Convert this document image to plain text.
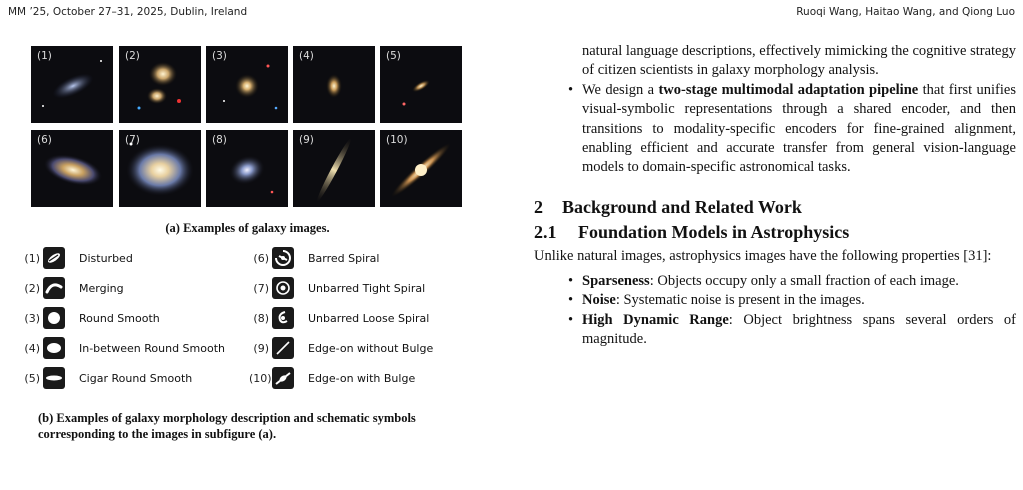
MM ’25, October 27–31, 2025, Dublin, Ireland	Ruoqi Wang, Haitao Wang, and Qiong Luo
(1)	(2)	(3)	(4)	(5)
(6)	(7)	(8)	(9)	(10)
(a) Examples of galaxy images.
(1)	Disturbed
(2)	Merging
(3)	Round Smooth
(4)	In-between Round Smooth
(5)	Cigar Round Smooth
(6)	Barred Spiral
(7)	Unbarred Tight Spiral
(8)	Unbarred Loose Spiral
(9)	Edge-on without Bulge
(10)	Edge-on with Bulge
(b) Examples of galaxy morphology description and schematic symbols corresponding to the images in subfigure (a).
natural language descriptions, effectively mimicking the cognitive strategy of citizen scientists in galaxy morphology analysis.
• We design a two-stage multimodal adaptation pipeline that first unifies visual-symbolic representations through a shared encoder, and then transitions to modality-specific encoders for fine-grained alignment, enabling efficient and accurate transfer from general vision-language models to domain-specific astronomical tasks.
2 Background and Related Work
2.1 Foundation Models in Astrophysics
Unlike natural images, astrophysics images have the following properties [31]:
• Sparseness: Objects occupy only a small fraction of each image.
• Noise: Systematic noise is present in the images.
• High Dynamic Range: Object brightness spans several orders of magnitude.
